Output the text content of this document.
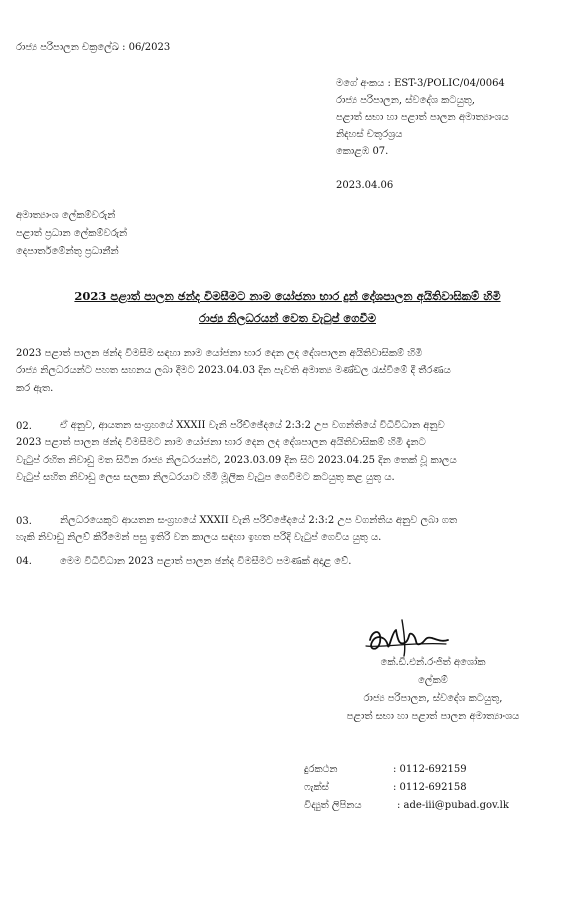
රාජ්‍ය පරිපාලන චක්‍රලේඛ : 06/2023
මගේ අංකය : EST-3/POLIC/04/0064
රාජ්‍ය පරිපාලන, ස්වදේශ කටයුතු,
පළාත් සභා හා පළාත් පාලන අමාත්‍යාංශය
නිදහස් චතුරශ්‍රය
කොළඹ 07.
2023.04.06
අමාත්‍යාංශ ලේකම්වරුන්
පළාත් ප්‍රධාන ලේකම්වරුන්
දෙපාර්තමේන්තු ප්‍රධානීන්
2023 පළාත් පාලන ඡන්ද විමසීමට නාම යෝජනා භාර දුන් දේශපාලන අයිතිවාසිකම් හිමි
රාජ්‍ය නිලධරයන් වෙත වැටුප් ගෙවීම
2023 පළාත් පාලන ඡන්ද විමසීම සඳහා නාම යෝජනා භාර දෙන ලද දේශපාලන අයිතිවාසිකම් හිමි
රාජ්‍ය නිලධරයන්ට පහත සහනය ලබා දීමට 2023.04.03 දින පැවති අමාත්‍ය මණ්ඩල රැස්වීමේ දී තීරණය
කර ඇත.
02.	ඒ අනුව, ආයතන සංග්‍රහයේ XXXII වැනි පරිච්ඡේදයේ 2:3:2 උප වගන්තියේ විධිවිධාන අනුව
2023 පළාත් පාලන ඡන්ද විමසීමට නාම යෝජනා භාර දෙන ලද දේශපාලන අයිතිවාසිකම් හිමි දැනට
වැටුප් රහිත නිවාඩු මත සිටින රාජ්‍ය නිලධරයන්ට, 2023.03.09 දින සිට 2023.04.25 දින තෙක් වූ කාලය
වැටුප් සහිත නිවාඩු ලෙස සලකා නිලධරයාට හිමි මූලික වැටුප ගෙවීමට කටයුතු කළ යුතු ය.
03.	නිලධරයෙකුට ආයතන සංග්‍රහයේ XXXII වැනි පරිච්ඡේදයේ 2:3:2 උප වගන්තිය අනුව ලබා ගත
හැකි නිවාඩු නිලව් කිරීමෙන් පසු ඉතිරි වන කාලය සඳහා ඉහත පරිදි වැටුප් ගෙවිය යුතු ය.
04.	මෙම විධිවිධාන 2023 පළාත් පාලන ඡන්ද විමසීමට පමණක් අදාළ වේ.
කේ.ඩී.එන්.රංජිත් අශෝක
ලේකම්
රාජ්‍ය පරිපාලන, ස්වදේශ කටයුතු,
පළාත් සභා හා පළාත් පාලන අමාත්‍යාංශය
දුරකථන	: 0112-692159
ෆැක්ස්	: 0112-692158
විද්‍යුත් ලිපිනය	: ade-iii@pubad.gov.lk
